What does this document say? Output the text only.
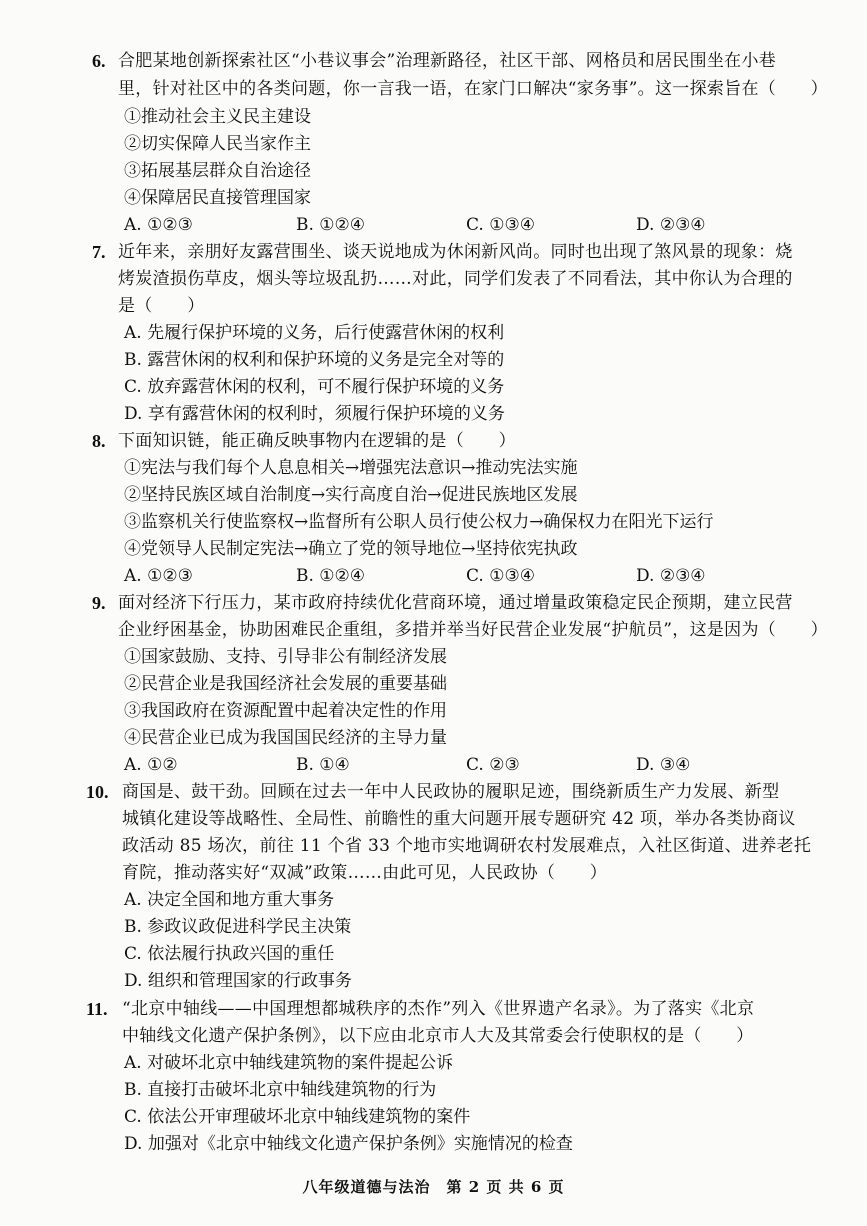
6. 合肥某地创新探索社区“小巷议事会”治理新路径，社区干部、网格员和居民围坐在小巷
里，针对社区中的各类问题，你一言我一语，在家门口解决“家务事”。这一探索旨在（　　）
①推动社会主义民主建设
②切实保障人民当家作主
③拓展基层群众自治途径
④保障居民直接管理国家
A. ①②③	B. ①②④	C. ①③④	D. ②③④
7. 近年来，亲朋好友露营围坐、谈天说地成为休闲新风尚。同时也出现了煞风景的现象：烧
烤炭渣损伤草皮，烟头等垃圾乱扔……对此，同学们发表了不同看法，其中你认为合理的
是（　　）
A. 先履行保护环境的义务，后行使露营休闲的权利
B. 露营休闲的权利和保护环境的义务是完全对等的
C. 放弃露营休闲的权利，可不履行保护环境的义务
D. 享有露营休闲的权利时，须履行保护环境的义务
8. 下面知识链，能正确反映事物内在逻辑的是（　　）
①宪法与我们每个人息息相关→增强宪法意识→推动宪法实施
②坚持民族区域自治制度→实行高度自治→促进民族地区发展
③监察机关行使监察权→监督所有公职人员行使公权力→确保权力在阳光下运行
④党领导人民制定宪法→确立了党的领导地位→坚持依宪执政
A. ①②③	B. ①②④	C. ①③④	D. ②③④
9. 面对经济下行压力，某市政府持续优化营商环境，通过增量政策稳定民企预期，建立民营
企业纾困基金，协助困难民企重组，多措并举当好民营企业发展“护航员”，这是因为（　　）
①国家鼓励、支持、引导非公有制经济发展
②民营企业是我国经济社会发展的重要基础
③我国政府在资源配置中起着决定性的作用
④民营企业已成为我国国民经济的主导力量
A. ①②	B. ①④	C. ②③	D. ③④
10. 商国是、鼓干劲。回顾在过去一年中人民政协的履职足迹，围绕新质生产力发展、新型
城镇化建设等战略性、全局性、前瞻性的重大问题开展专题研究 42 项，举办各类协商议
政活动 85 场次，前往 11 个省 33 个地市实地调研农村发展难点，入社区街道、进养老托
育院，推动落实好“双减”政策……由此可见，人民政协（　　）
A. 决定全国和地方重大事务
B. 参政议政促进科学民主决策
C. 依法履行执政兴国的重任
D. 组织和管理国家的行政事务
11. “北京中轴线——中国理想都城秩序的杰作”列入《世界遗产名录》。为了落实《北京
中轴线文化遗产保护条例》，以下应由北京市人大及其常委会行使职权的是（　　）
A. 对破坏北京中轴线建筑物的案件提起公诉
B. 直接打击破坏北京中轴线建筑物的行为
C. 依法公开审理破坏北京中轴线建筑物的案件
D. 加强对《北京中轴线文化遗产保护条例》实施情况的检查
八年级道德与法治　第 2 页 共 6 页
